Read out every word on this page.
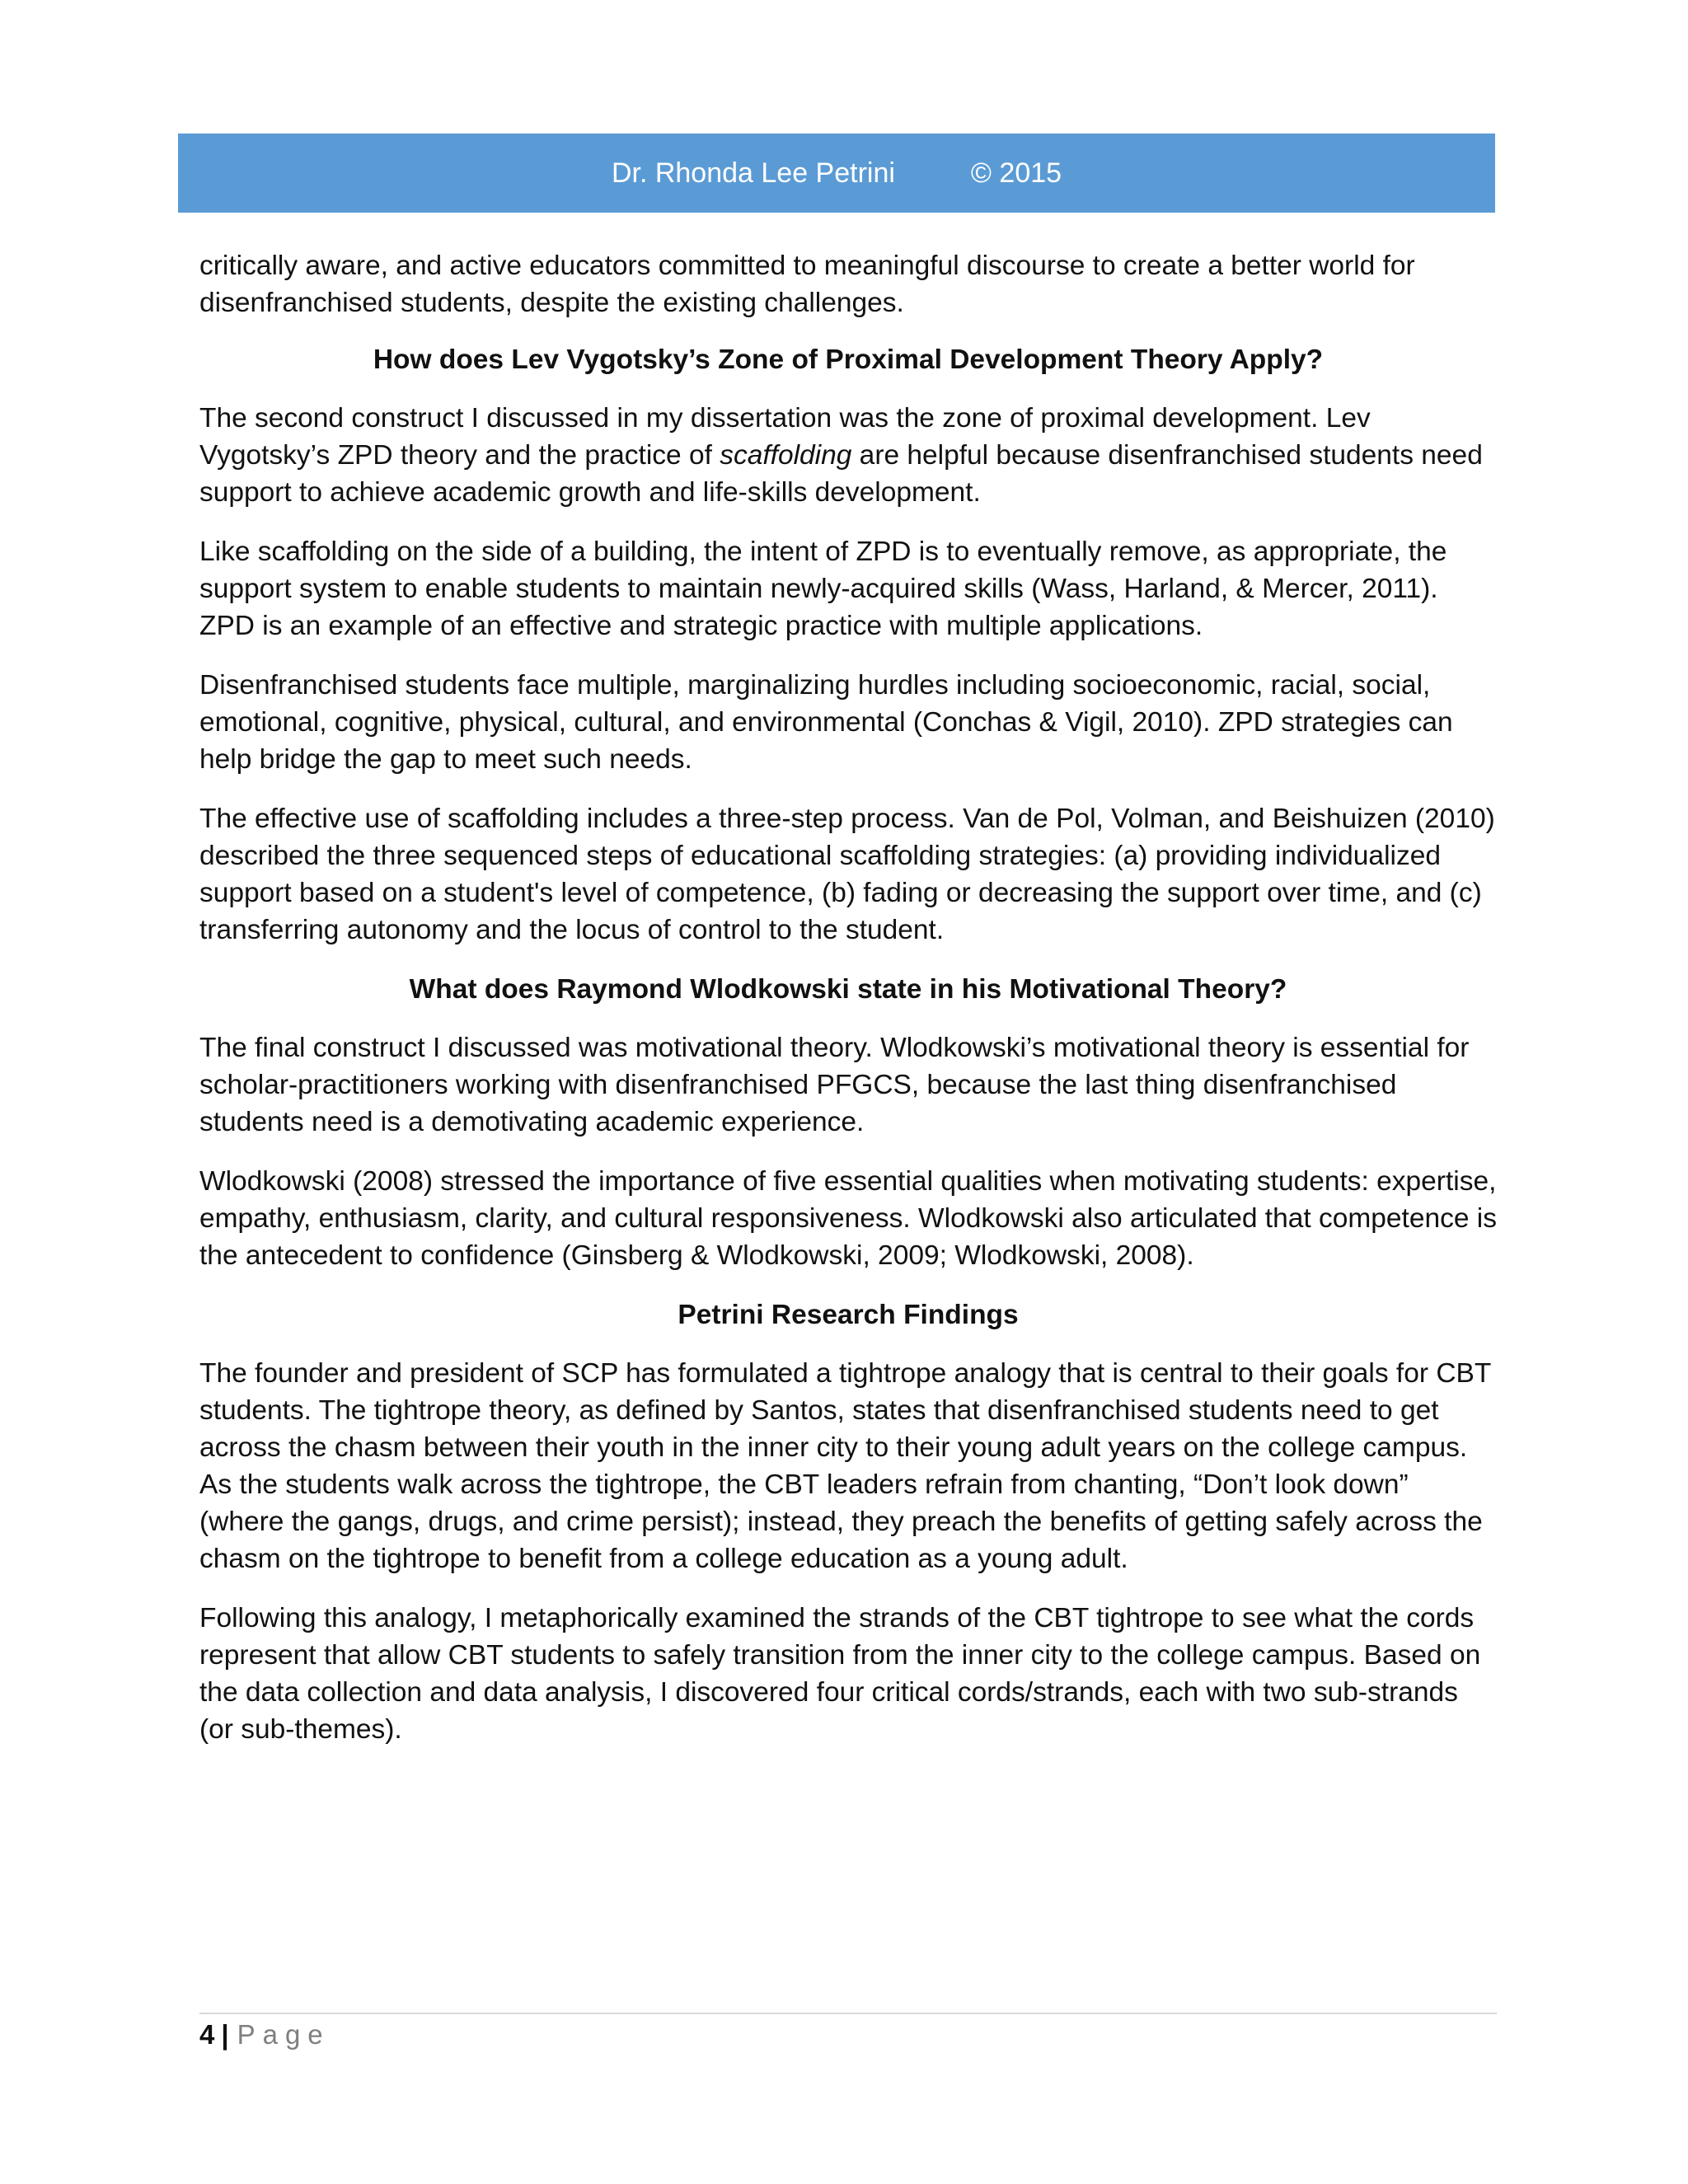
Dr. Rhonda Lee Petrini	© 2015

critically aware, and active educators committed to meaningful discourse to create a better world for disenfranchised students, despite the existing challenges.

How does Lev Vygotsky’s Zone of Proximal Development Theory Apply?

The second construct I discussed in my dissertation was the zone of proximal development. Lev Vygotsky’s ZPD theory and the practice of scaffolding are helpful because disenfranchised students need support to achieve academic growth and life-skills development.

Like scaffolding on the side of a building, the intent of ZPD is to eventually remove, as appropriate, the support system to enable students to maintain newly-acquired skills (Wass, Harland, & Mercer, 2011). ZPD is an example of an effective and strategic practice with multiple applications.

Disenfranchised students face multiple, marginalizing hurdles including socioeconomic, racial, social, emotional, cognitive, physical, cultural, and environmental (Conchas & Vigil, 2010). ZPD strategies can help bridge the gap to meet such needs.

The effective use of scaffolding includes a three-step process. Van de Pol, Volman, and Beishuizen (2010) described the three sequenced steps of educational scaffolding strategies: (a) providing individualized support based on a student's level of competence, (b) fading or decreasing the support over time, and (c) transferring autonomy and the locus of control to the student.

What does Raymond Wlodkowski state in his Motivational Theory?

The final construct I discussed was motivational theory. Wlodkowski’s motivational theory is essential for scholar-practitioners working with disenfranchised PFGCS, because the last thing disenfranchised students need is a demotivating academic experience.

Wlodkowski (2008) stressed the importance of five essential qualities when motivating students: expertise, empathy, enthusiasm, clarity, and cultural responsiveness. Wlodkowski also articulated that competence is the antecedent to confidence (Ginsberg & Wlodkowski, 2009; Wlodkowski, 2008).

Petrini Research Findings

The founder and president of SCP has formulated a tightrope analogy that is central to their goals for CBT students. The tightrope theory, as defined by Santos, states that disenfranchised students need to get across the chasm between their youth in the inner city to their young adult years on the college campus. As the students walk across the tightrope, the CBT leaders refrain from chanting, “Don’t look down” (where the gangs, drugs, and crime persist); instead, they preach the benefits of getting safely across the chasm on the tightrope to benefit from a college education as a young adult.

Following this analogy, I metaphorically examined the strands of the CBT tightrope to see what the cords represent that allow CBT students to safely transition from the inner city to the college campus. Based on the data collection and data analysis, I discovered four critical cords/strands, each with two sub-strands (or sub-themes).

4 | Page
